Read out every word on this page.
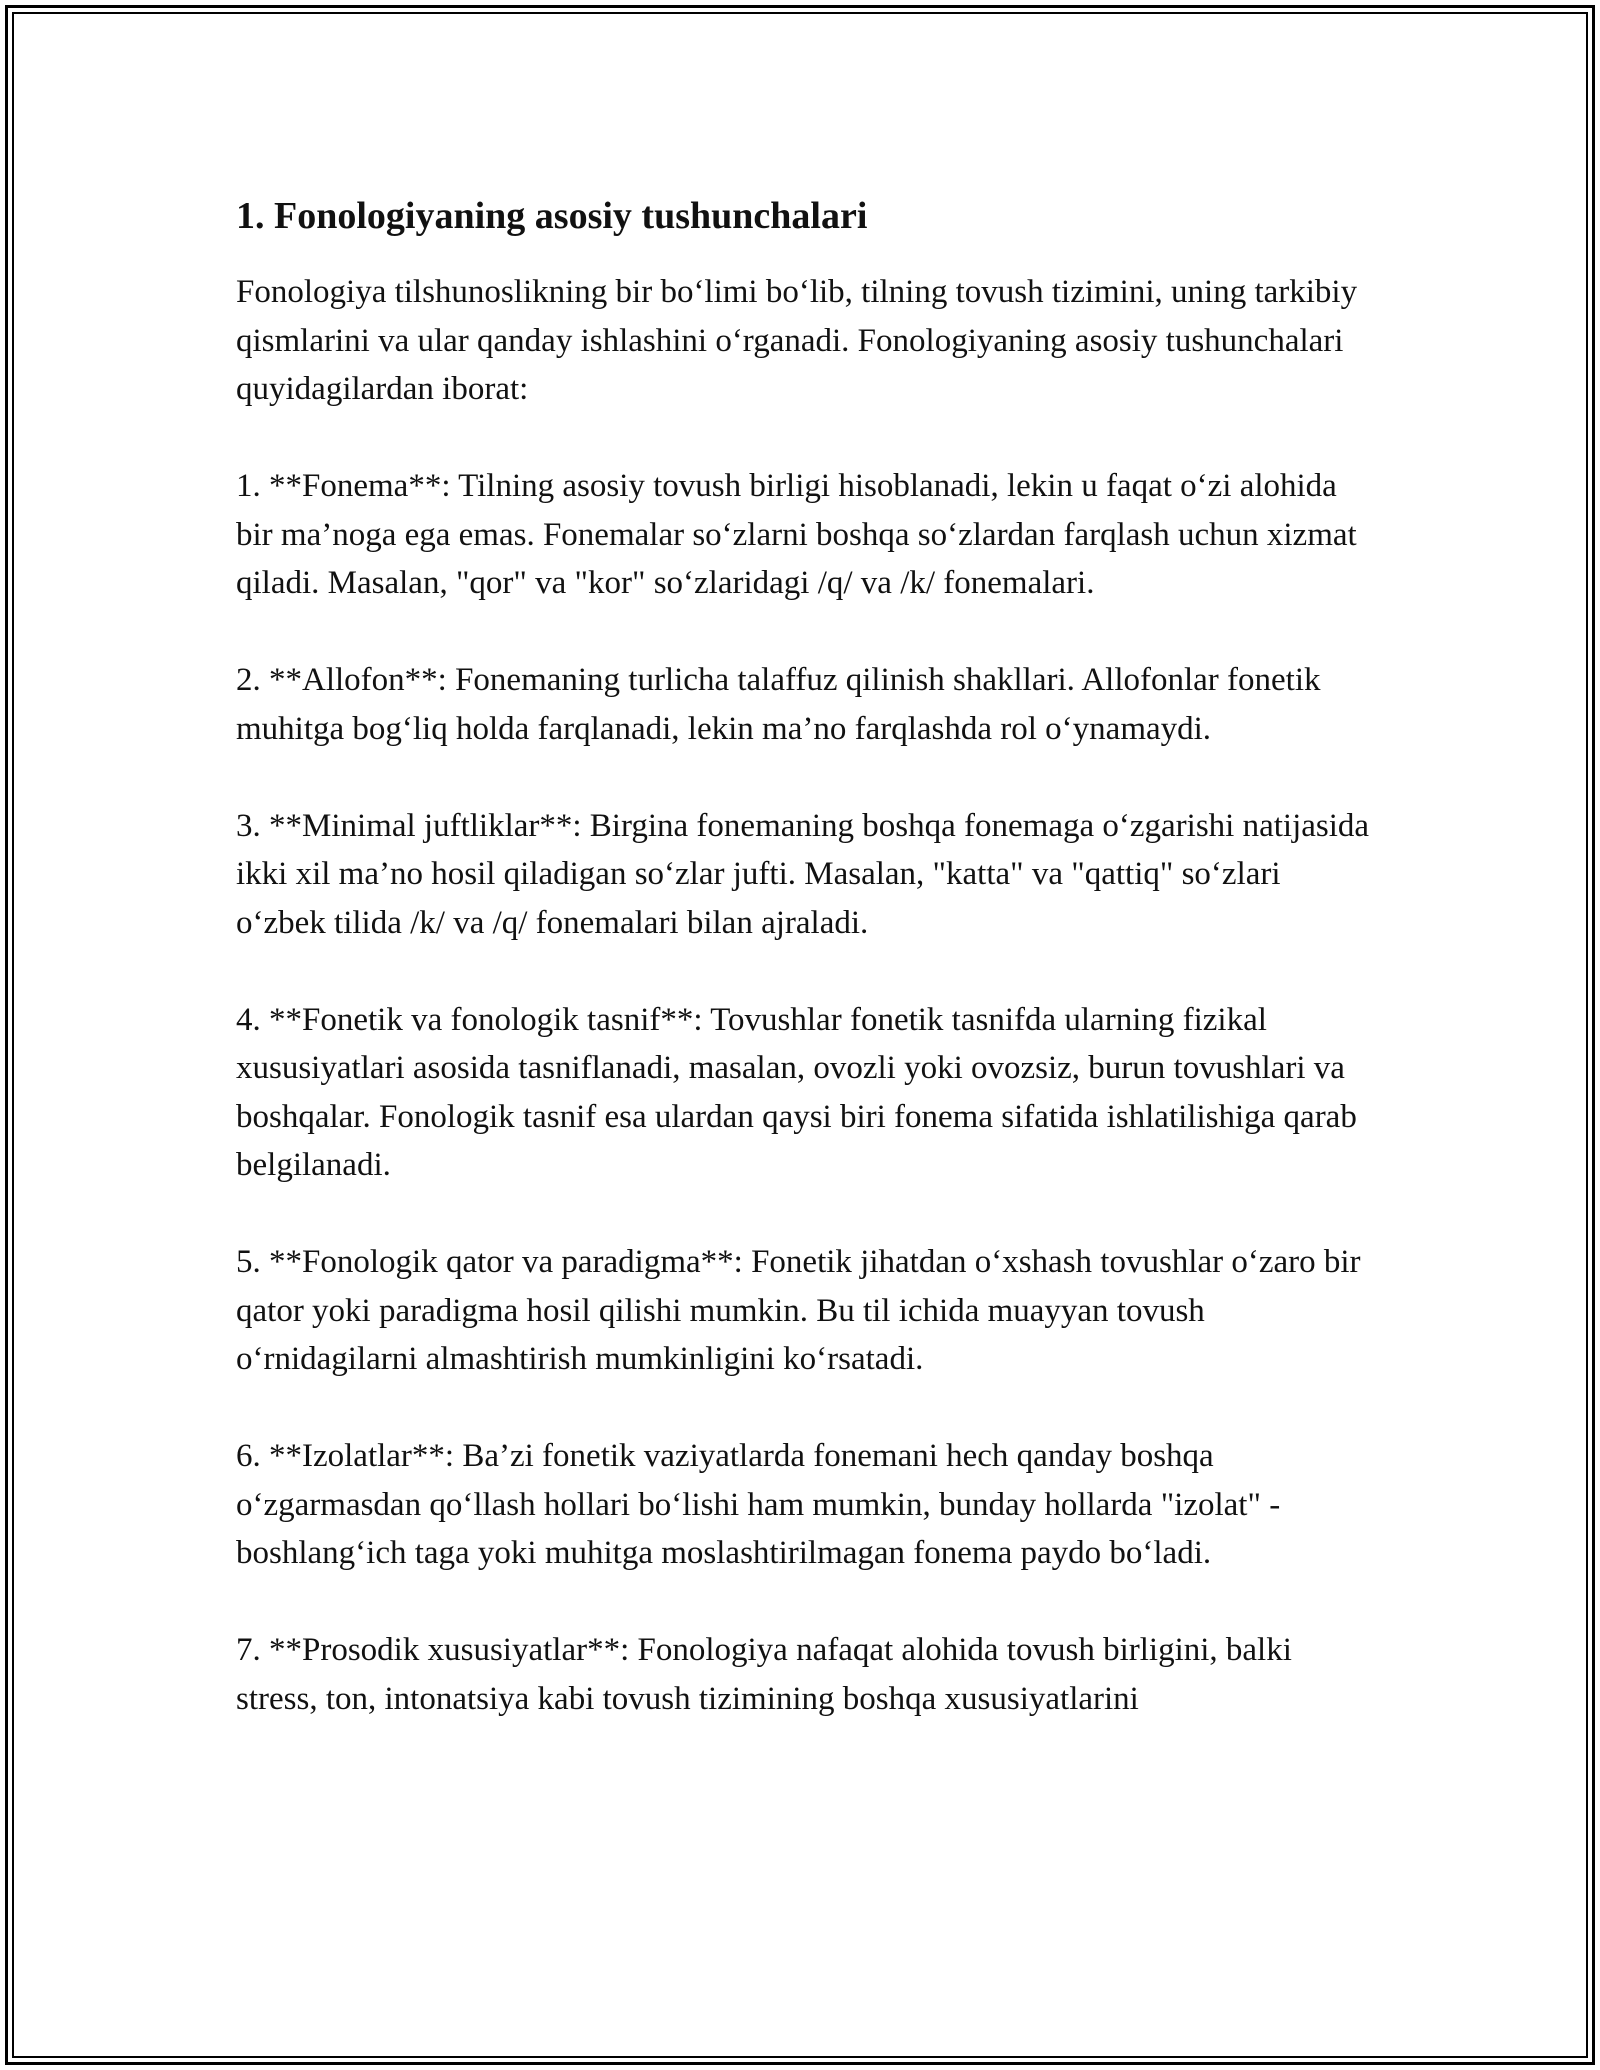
1. Fonologiyaning asosiy tushunchalari

Fonologiya tilshunoslikning bir bo‘limi bo‘lib, tilning tovush tizimini, uning tarkibiy qismlarini va ular qanday ishlashini o‘rganadi. Fonologiyaning asosiy tushunchalari quyidagilardan iborat:

1. **Fonema**: Tilning asosiy tovush birligi hisoblanadi, lekin u faqat o‘zi alohida bir ma’noga ega emas. Fonemalar so‘zlarni boshqa so‘zlardan farqlash uchun xizmat qiladi. Masalan, "qor" va "kor" so‘zlaridagi /q/ va /k/ fonemalari.

2. **Allofon**: Fonemaning turlicha talaffuz qilinish shakllari. Allofonlar fonetik muhitga bog‘liq holda farqlanadi, lekin ma’no farqlashda rol o‘ynamaydi.

3. **Minimal juftliklar**: Birgina fonemaning boshqa fonemaga o‘zgarishi natijasida ikki xil ma’no hosil qiladigan so‘zlar jufti. Masalan, "katta" va "qattiq" so‘zlari o‘zbek tilida /k/ va /q/ fonemalari bilan ajraladi.

4. **Fonetik va fonologik tasnif**: Tovushlar fonetik tasnifda ularning fizikal xususiyatlari asosida tasniflanadi, masalan, ovozli yoki ovozsiz, burun tovushlari va boshqalar. Fonologik tasnif esa ulardan qaysi biri fonema sifatida ishlatilishiga qarab belgilanadi.

5. **Fonologik qator va paradigma**: Fonetik jihatdan o‘xshash tovushlar o‘zaro bir qator yoki paradigma hosil qilishi mumkin. Bu til ichida muayyan tovush o‘rnidagilarni almashtirish mumkinligini ko‘rsatadi.

6. **Izolatlar**: Ba’zi fonetik vaziyatlarda fonemani hech qanday boshqa o‘zgarmasdan qo‘llash hollari bo‘lishi ham mumkin, bunday hollarda "izolat" - boshlang‘ich taga yoki muhitga moslashtirilmagan fonema paydo bo‘ladi.

7. **Prosodik xususiyatlar**: Fonologiya nafaqat alohida tovush birligini, balki stress, ton, intonatsiya kabi tovush tizimining boshqa xususiyatlarini
